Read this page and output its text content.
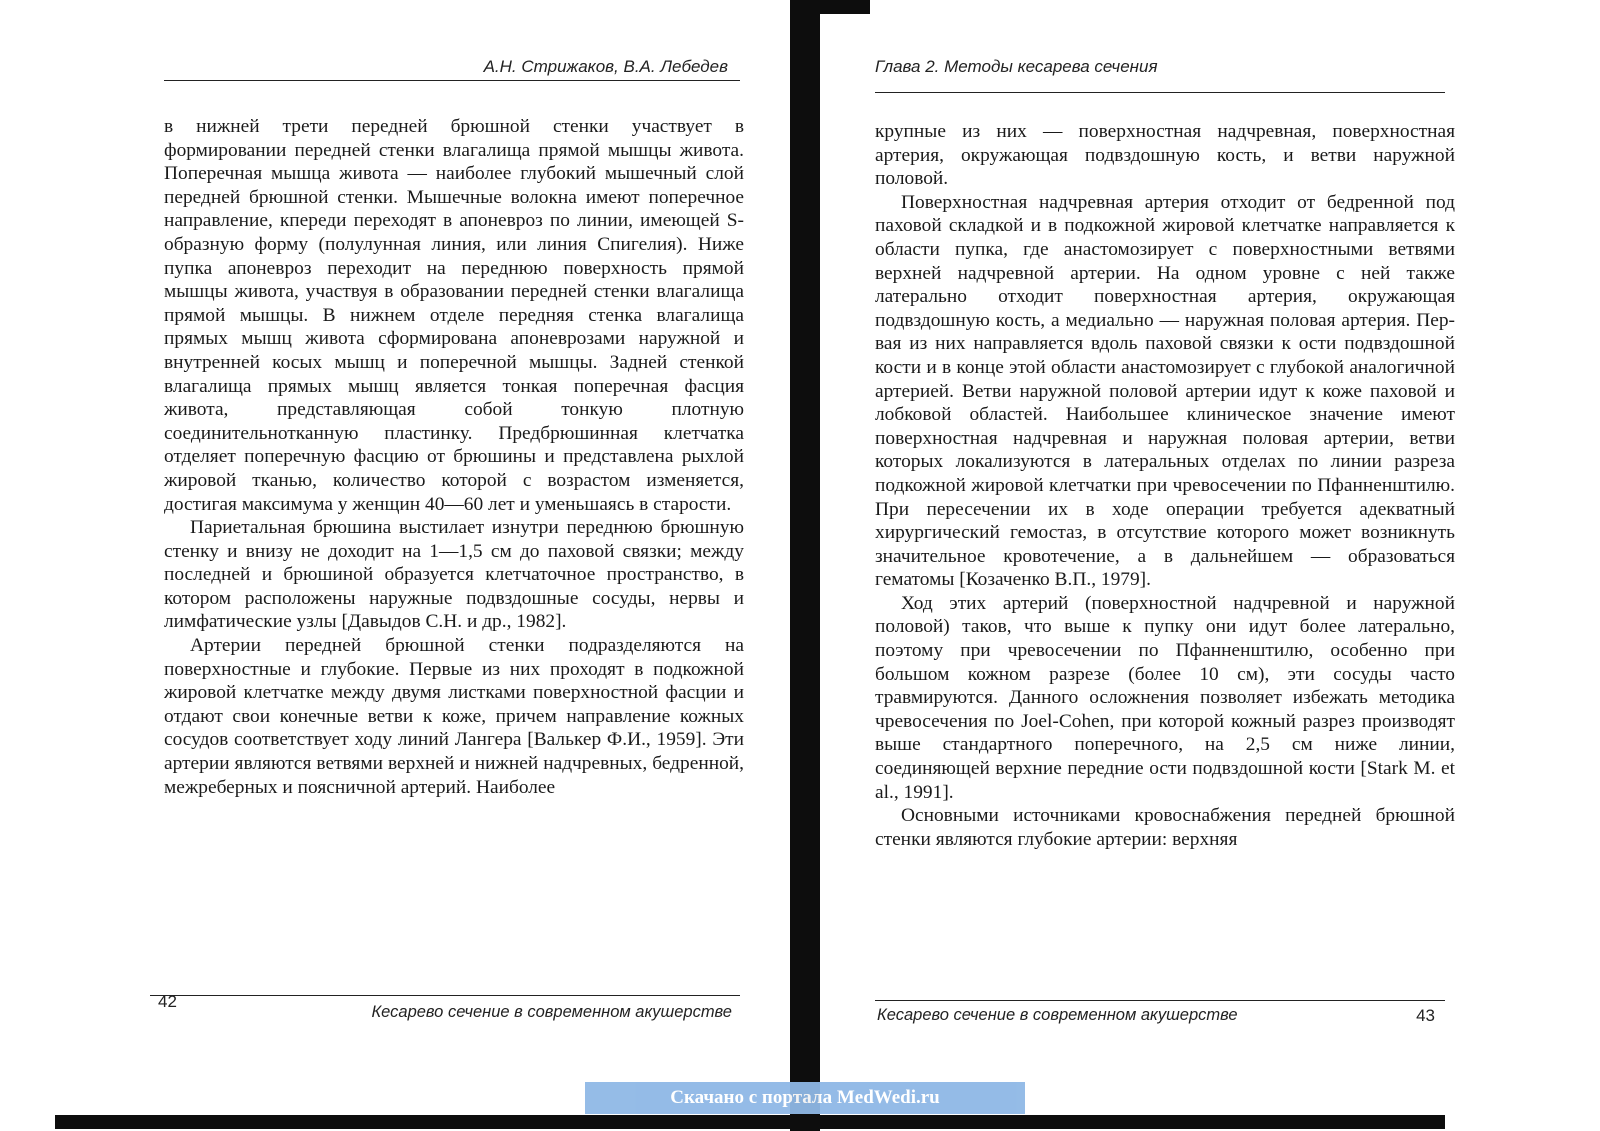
А.Н. Стрижаков, В.А. Лебедев

в нижней трети передней брюшной стенки участвует в формировании передней стенки влагалища прямой мышцы живота. Поперечная мышца живота — наиболее глубокий мышечный слой передней брюшной стенки. Мышечные волокна имеют поперечное направление, кпереди переходят в апоневроз по линии, имеющей S-образную форму (полулунная линия, или линия Спигелия). Ниже пупка апоневроз переходит на переднюю поверхность прямой мышцы живота, участвуя в образовании передней стенки влагалища прямой мышцы. В нижнем отделе передняя стенка влагалища прямых мышц живота сформирована апоневрозами наружной и внутренней косых мышц и поперечной мышцы. Задней стенкой влагалища прямых мышц является тонкая поперечная фасция живота, представляющая собой тонкую плотную соединительнотканную пластинку. Предбрюшинная клетчатка отделяет поперечную фасцию от брюшины и представлена рыхлой жировой тканью, количество которой с возрастом изменяется, достигая максимума у женщин 40—60 лет и уменьшаясь в старости.

Париетальная брюшина выстилает изнутри переднюю брюшную стенку и внизу не доходит на 1—1,5 см до паховой связки; между последней и брюшиной образуется клетчаточное пространство, в котором расположены наружные подвздошные сосуды, нервы и лимфатические узлы [Давыдов С.Н. и др., 1982].

Артерии передней брюшной стенки подразделяются на поверхностные и глубокие. Первые из них проходят в подкожной жировой клетчатке между двумя листками поверхностной фасции и отдают свои конечные ветви к коже, причем направление кожных сосудов соответствует ходу линий Лангера [Валькер Ф.И., 1959]. Эти артерии являются ветвями верхней и нижней надчревных, бедренной, межреберных и поясничной артерий. Наиболее

42
Кесарево сечение в современном акушерстве
Глава 2. Методы кесарева сечения

крупные из них — поверхностная надчревная, поверхностная артерия, окружающая подвздошную кость, и ветви наружной половой.

Поверхностная надчревная артерия отходит от бедренной под паховой складкой и в подкожной жировой клетчатке направляется к области пупка, где анастомозирует с поверхностными ветвями верхней надчревной артерии. На одном уровне с ней также латерально отходит поверхностная артерия, окружающая подвздошную кость, а медиально — наружная половая артерия. Первая из них направляется вдоль паховой связки к ости подвздошной кости и в конце этой области анастомозирует с глубокой аналогичной артерией. Ветви наружной половой артерии идут к коже паховой и лобковой областей. Наибольшее клиническое значение имеют поверхностная надчревная и наружная половая артерии, ветви которых локализуются в латеральных отделах по линии разреза подкожной жировой клетчатки при чревосечении по Пфанненштилю. При пересечении их в ходе операции требуется адекватный хирургический гемостаз, в отсутствие которого может возникнуть значительное кровотечение, а в дальнейшем — образоваться гематомы [Козаченко В.П., 1979].

Ход этих артерий (поверхностной надчревной и наружной половой) таков, что выше к пупку они идут более латерально, поэтому при чревосечении по Пфанненштилю, особенно при большом кожном разрезе (более 10 см), эти сосуды часто травмируются. Данного осложнения позволяет избежать методика чревосечения по Joel-Cohen, при которой кожный разрез производят выше стандартного поперечного, на 2,5 см ниже линии, соединяющей верхние передние ости подвздошной кости [Stark M. et al., 1991].

Основными источниками кровоснабжения передней брюшной стенки являются глубокие артерии: верхняя

Кесарево сечение в современном акушерстве	43
Скачано с портала MedWedi.ru
